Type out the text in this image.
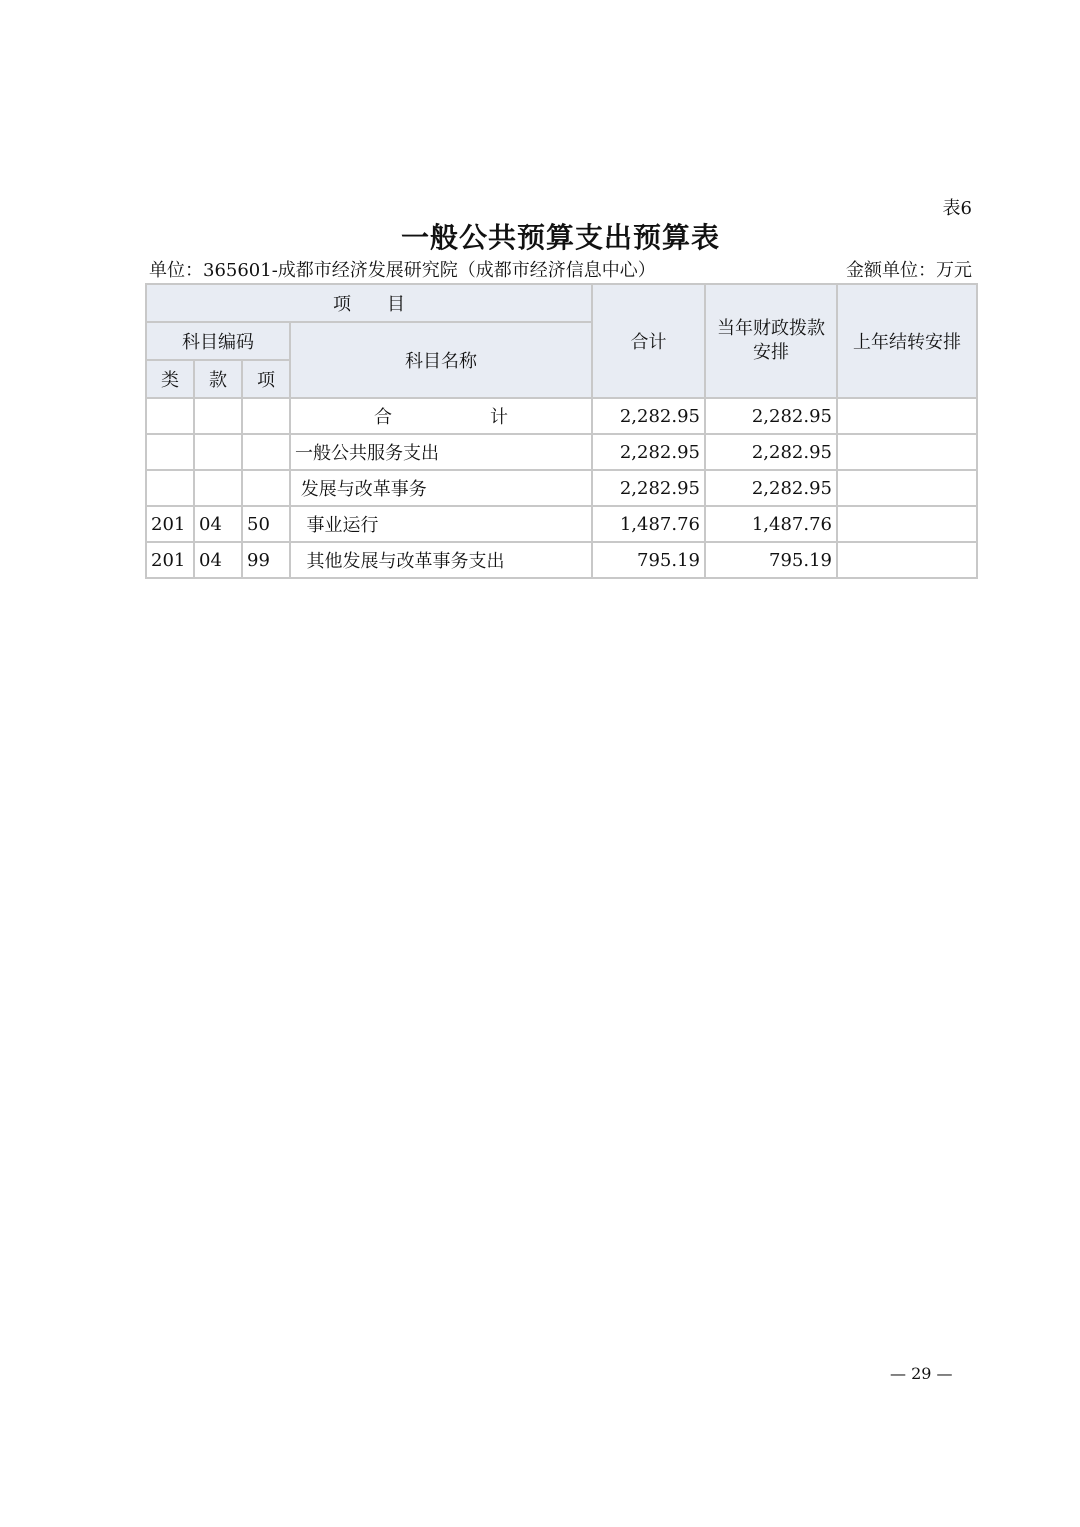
表6
一般公共预算支出预算表
单位：365601-成都市经济发展研究院（成都市经济信息中心）	金额单位：万元
项　　目				合计	当年财政拨款安排	上年结转安排
科目编码			科目名称			
类	款	项				
			合　计	2,282.95	2,282.95	
			一般公共服务支出	2,282.95	2,282.95	
			发展与改革事务	2,282.95	2,282.95	
201	04	50	事业运行	1,487.76	1,487.76	
201	04	99	其他发展与改革事务支出	795.19	795.19	
— 29 —
